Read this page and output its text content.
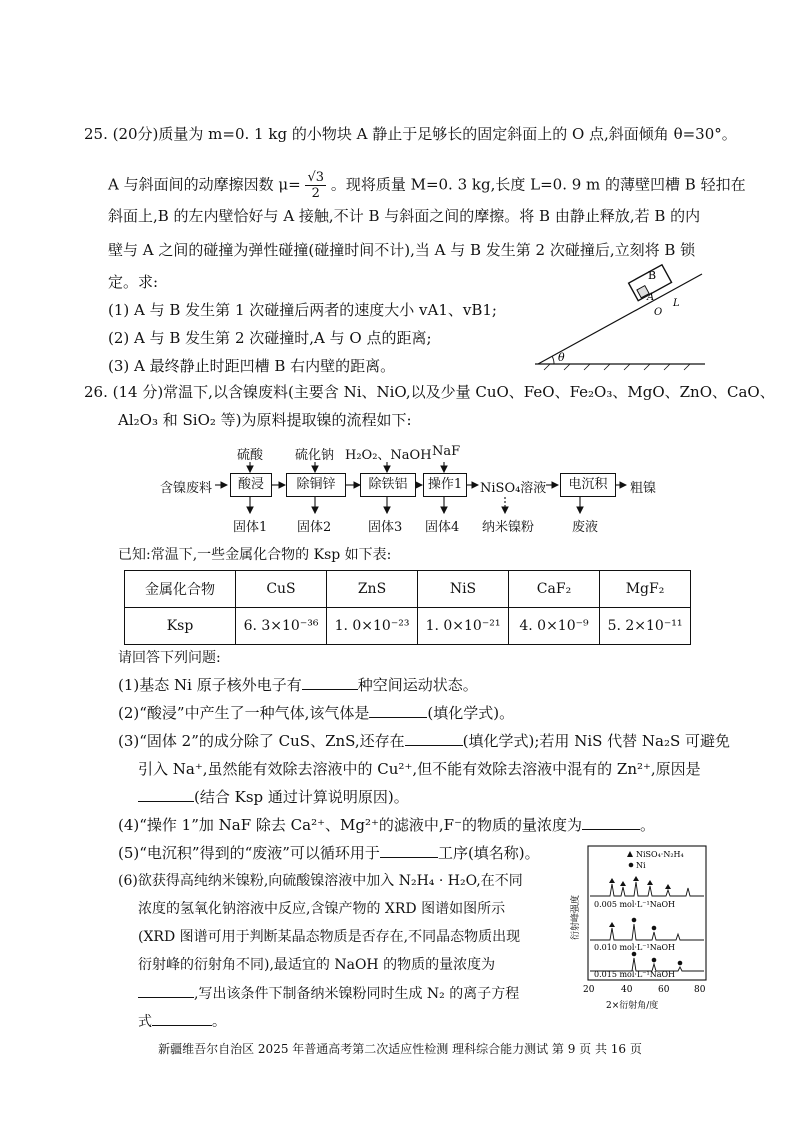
25. (20分)质量为 m=0. 1 kg 的小物块 A 静止于足够长的固定斜面上的 O 点,斜面倾角 θ=30°。
A 与斜面间的动摩擦因数 $\mu= \frac{√3}{2}$ 。现将质量 M=0. 3 kg,长度 L=0. 9 m 的薄壁凹槽 B 轻扣在
斜面上,B 的左内壁恰好与 A 接触,不计 B 与斜面之间的摩擦。将 B 由静止释放,若 B 的内
壁与 A 之间的碰撞为弹性碰撞(碰撞时间不计),当 A 与 B 发生第 2 次碰撞后,立刻将 B 锁
定。求:
(1) A 与 B 发生第 1 次碰撞后两者的速度大小 vA1、vB1;
(2) A 与 B 发生第 2 次碰撞时,A 与 O 点的距离;
(3) A 最终静止时距凹槽 B 右内壁的距离。	θ
B
A
O
L
26. (14 分)常温下,以含镍废料(主要含 Ni、NiO,以及少量 CuO、FeO、Fe₂O₃、MgO、ZnO、CaO、
Al₂O₃ 和 SiO₂ 等)为原料提取镍的流程如下:
含镍废料	酸浸	除铜锌	除铁铝	操作1	NiSO₄溶液	电沉积	粗镍
硫酸 硫化钠 H₂O₂、NaOH NaF
固体1 固体2	固体3 固体4 纳米镍粉	废液
已知:常温下,一些金属化合物的 Ksp 如下表:
金属化合物	CuS	ZnS	NiS	CaF₂	MgF₂
Ksp	6. 3×10⁻³⁶	1. 0×10⁻²³	1. 0×10⁻²¹	4. 0×10⁻⁹	5. 2×10⁻¹¹
请回答下列问题:
(1)基态 Ni 原子核外电子有	种空间运动状态。
(2)“酸浸”中产生了一种气体,该气体是	(填化学式)。
(3)“固体 2”的成分除了 CuS、ZnS,还存在	(填化学式);若用 NiS 代替 Na₂S 可避免
引入 Na⁺,虽然能有效除去溶液中的 Cu²⁺,但不能有效除去溶液中混有的 Zn²⁺,原因是
(结合 Ksp 通过计算说明原因)。
(4)“操作 1”加 NaF 除去 Ca²⁺、Mg²⁺的滤液中,F⁻的物质的量浓度为	。
(5)“电沉积”得到的“废液”可以循环用于	工序(填名称)。
(6)欲获得高纯纳米镍粉,向硫酸镍溶液中加入 N₂H₄ · H₂O,在不同
浓度的氢氧化钠溶液中反应,含镍产物的 XRD 图谱如图所示
(XRD 图谱可用于判断某晶态物质是否存在,不同晶态物质出现
衍射峰的衍射角不同),最适宜的 NaOH 的物质的量浓度为
,写出该条件下制备纳米镍粉同时生成 N₂ 的离子方程
式	。
衍射峰强度
NiSO₄·N₂H₄
Ni
0.005 mol·L⁻¹NaOH
0.010 mol·L⁻¹NaOH
0.015 mol·L⁻¹NaOH
20	40	60	80
2×衍射角/度
新疆维吾尔自治区 2025 年普通高考第二次适应性检测 理科综合能力测试 第 9 页 共 16 页
